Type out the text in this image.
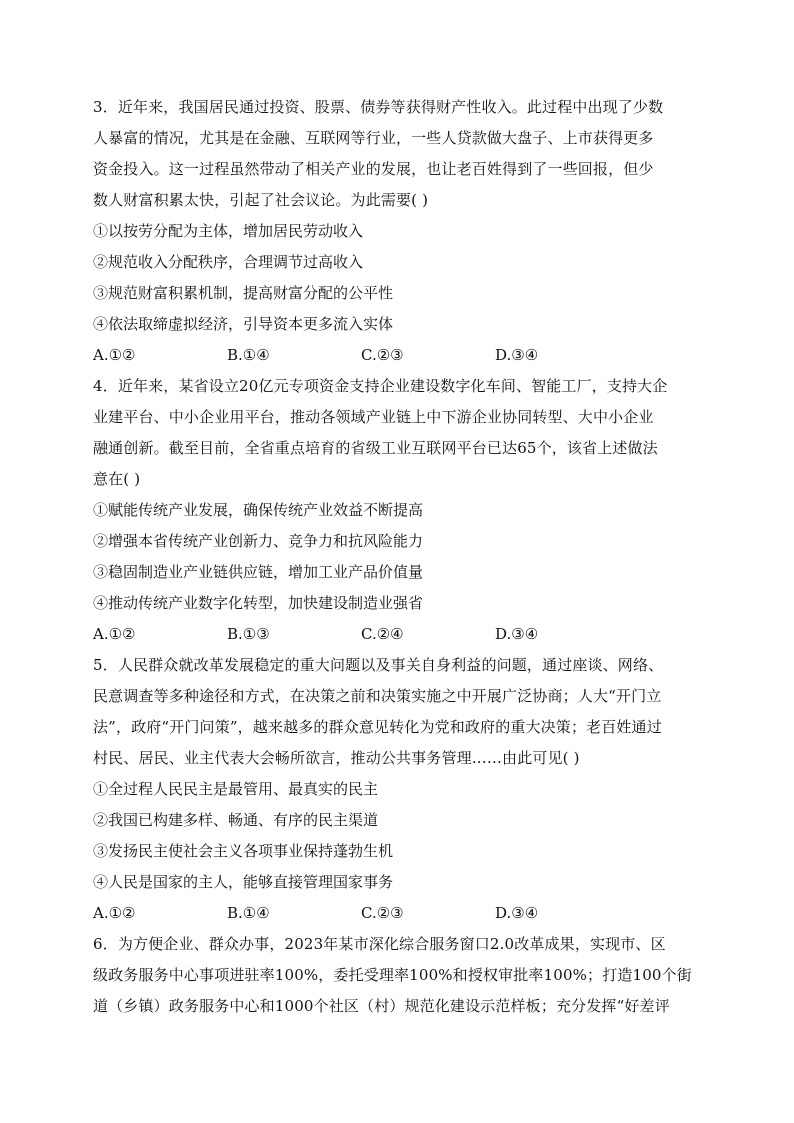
3．近年来，我国居民通过投资、股票、债券等获得财产性收入。此过程中出现了少数
人暴富的情况，尤其是在金融、互联网等行业，一些人贷款做大盘子、上市获得更多
资金投入。这一过程虽然带动了相关产业的发展，也让老百姓得到了一些回报，但少
数人财富积累太快，引起了社会议论。为此需要( )
①以按劳分配为主体，增加居民劳动收入
②规范收入分配秩序，合理调节过高收入
③规范财富积累机制，提高财富分配的公平性
④依法取缔虚拟经济，引导资本更多流入实体
A.①②	B.①④	C.②③	D.③④
4．近年来，某省设立20亿元专项资金支持企业建设数字化车间、智能工厂，支持大企
业建平台、中小企业用平台，推动各领域产业链上中下游企业协同转型、大中小企业
融通创新。截至目前，全省重点培育的省级工业互联网平台已达65个，该省上述做法
意在( )
①赋能传统产业发展，确保传统产业效益不断提高
②增强本省传统产业创新力、竞争力和抗风险能力
③稳固制造业产业链供应链，增加工业产品价值量
④推动传统产业数字化转型，加快建设制造业强省
A.①②	B.①③	C.②④	D.③④
5．人民群众就改革发展稳定的重大问题以及事关自身利益的问题，通过座谈、网络、
民意调查等多种途径和方式，在决策之前和决策实施之中开展广泛协商；人大“开门立
法”，政府“开门问策”，越来越多的群众意见转化为党和政府的重大决策；老百姓通过
村民、居民、业主代表大会畅所欲言，推动公共事务管理……由此可见( )
①全过程人民民主是最管用、最真实的民主
②我国已构建多样、畅通、有序的民主渠道
③发扬民主使社会主义各项事业保持蓬勃生机
④人民是国家的主人，能够直接管理国家事务
A.①②	B.①④	C.②③	D.③④
6．为方便企业、群众办事，2023年某市深化综合服务窗口2.0改革成果，实现市、区
级政务服务中心事项进驻率100%，委托受理率100%和授权审批率100%；打造100个街
道（乡镇）政务服务中心和1000个社区（村）规范化建设示范样板；充分发挥“好差评
